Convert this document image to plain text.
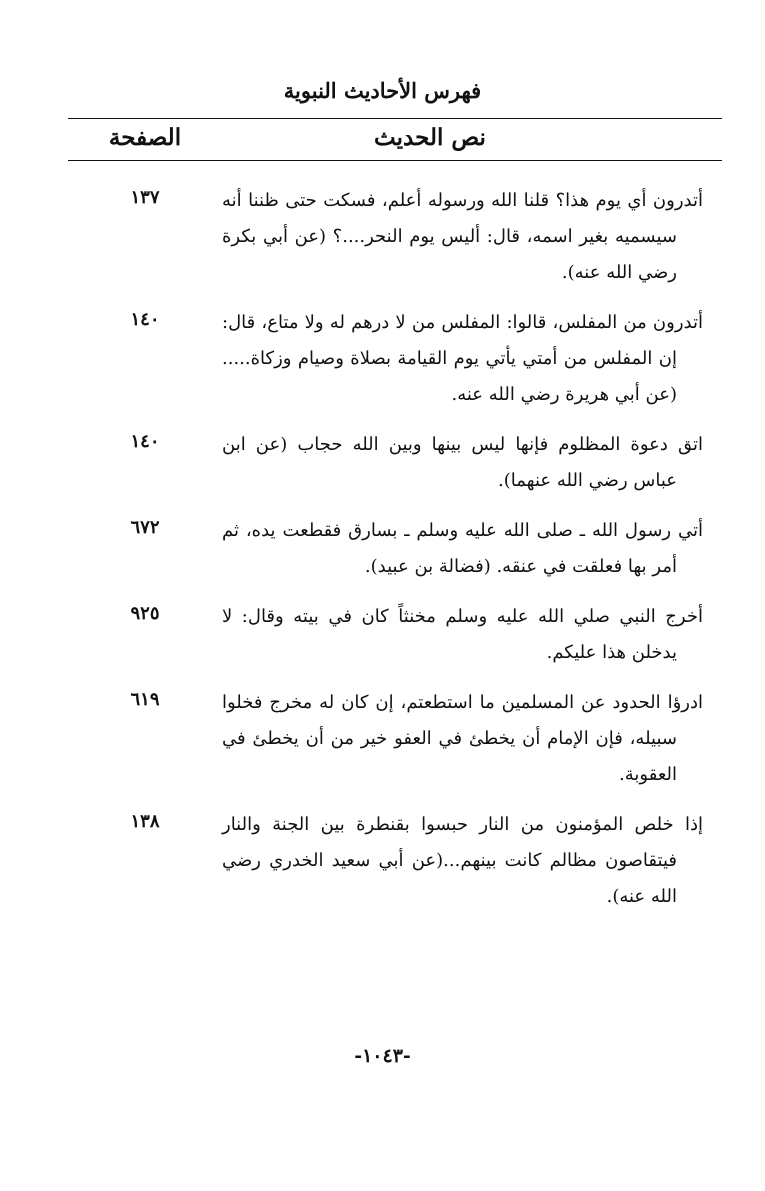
فهرس الأحاديث النبوية
نص الحديث
الصفحة
أتدرون أي يوم هذا؟ قلنا الله ورسوله أعلم، فسكت حتى ظننا أنه سيسميه بغير اسمه، قال: أليس يوم النحر....؟ (عن أبي بكرة رضي الله عنه).
١٣٧
أتدرون من المفلس، قالوا: المفلس من لا درهم له ولا متاع، قال: إن المفلس من أمتي يأتي يوم القيامة بصلاة وصيام وزكاة.....(عن أبي هريرة رضي الله عنه.
١٤٠
اتق دعوة المظلوم فإنها ليس بينها وبين الله حجاب (عن ابن عباس رضي الله عنهما).
١٤٠
أتي رسول الله ـ صلى الله عليه وسلم ـ بسارق فقطعت يده، ثم أمر بها فعلقت في عنقه. (فضالة بن عبيد).
٦٧٢
أخرج النبي صلي الله عليه وسلم مخنثاً كان في بيته وقال: لا يدخلن هذا عليكم.
٩٢٥
ادرؤا الحدود عن المسلمين ما استطعتم، إن كان له مخرج فخلوا سبيله، فإن الإمام أن يخطئ في العفو خير من أن يخطئ في العقوبة.
٦١٩
إذا خلص المؤمنون من النار حبسوا بقنطرة بين الجنة والنار فيتقاصون مظالم كانت بينهم...(عن أبي سعيد الخدري رضي الله عنه).
١٣٨
-١٠٤٣-
